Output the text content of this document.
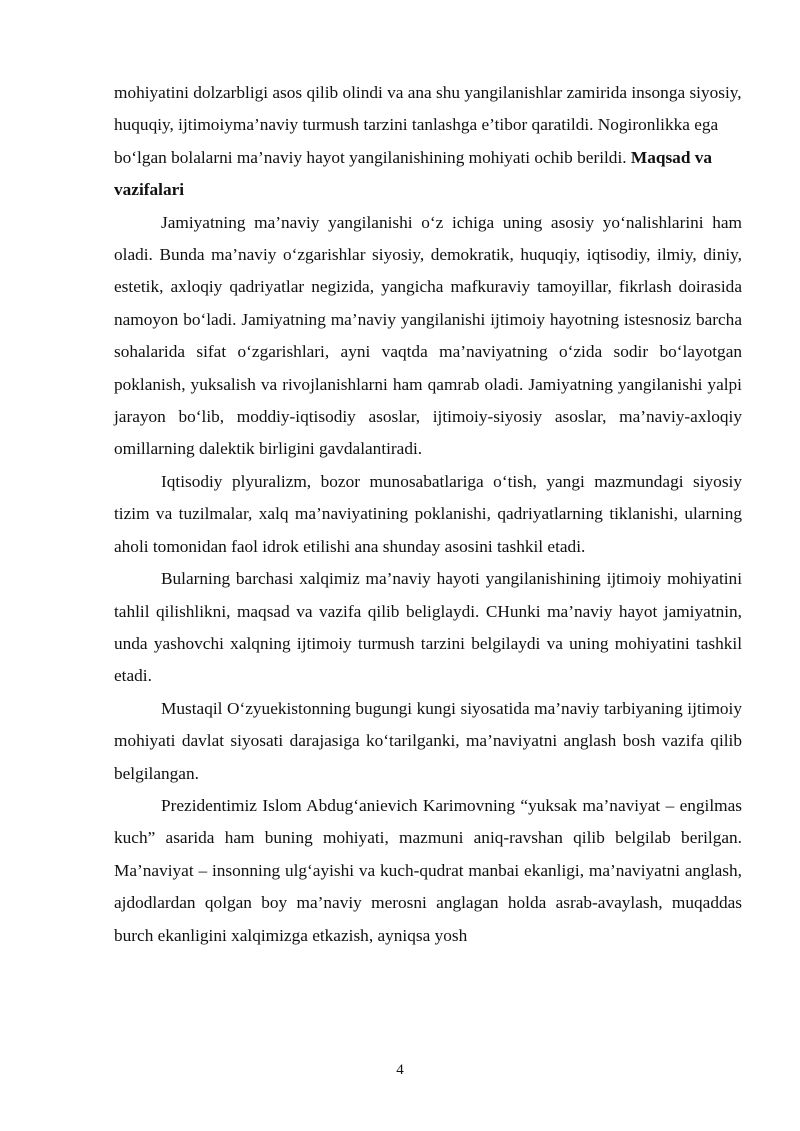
mohiyatini dolzarbligi asos qilib olindi va ana shu yangilanishlar zamirida insonga siyosiy, huquqiy, ijtimoiyma’naviy turmush tarzini tanlashga e’tibor qaratildi. Nogironlikka ega bo‘lgan bolalarni ma’naviy hayot yangilanishining mohiyati ochib berildi. Maqsad va vazifalari

Jamiyatning ma’naviy yangilanishi o‘z ichiga uning asosiy yo‘nalishlarini ham oladi. Bunda ma’naviy o‘zgarishlar siyosiy, demokratik, huquqiy, iqtisodiy, ilmiy, diniy, estetik, axloqiy qadriyatlar negizida, yangicha mafkuraviy tamoyillar, fikrlash doirasida namoyon bo‘ladi. Jamiyatning ma’naviy yangilanishi ijtimoiy hayotning istesnosiz barcha sohalarida sifat o‘zgarishlari, ayni vaqtda ma’naviyatning o‘zida sodir bo‘layotgan poklanish, yuksalish va rivojlanishlarni ham qamrab oladi. Jamiyatning yangilanishi yalpi jarayon bo‘lib, moddiy-iqtisodiy asoslar, ijtimoiy-siyosiy asoslar, ma’naviy-axloqiy omillarning dalektik birligini gavdalantiradi.

Iqtisodiy plyuralizm, bozor munosabatlariga o‘tish, yangi mazmundagi siyosiy tizim va tuzilmalar, xalq ma’naviyatining poklanishi, qadriyatlarning tiklanishi, ularning aholi tomonidan faol idrok etilishi ana shunday asosini tashkil etadi.

Bularning barchasi xalqimiz ma’naviy hayoti yangilanishining ijtimoiy mohiyatini tahlil qilishlikni, maqsad va vazifa qilib beliglaydi. CHunki ma’naviy hayot jamiyatnin, unda yashovchi xalqning ijtimoiy turmush tarzini belgilaydi va uning mohiyatini tashkil etadi.

Mustaqil O‘zyuekistonning bugungi kungi siyosatida ma’naviy tarbiyaning ijtimoiy mohiyati davlat siyosati darajasiga ko‘tarilganki, ma’naviyatni anglash bosh vazifa qilib belgilangan.

Prezidentimiz Islom Abdug‘anievich Karimovning “yuksak ma’naviyat – engilmas kuch” asarida ham buning mohiyati, mazmuni aniq-ravshan qilib belgilab berilgan. Ma’naviyat – insonning ulg‘ayishi va kuch-qudrat manbai ekanligi, ma’naviyatni anglash, ajdodlardan qolgan boy ma’naviy merosni anglagan holda asrab-avaylash, muqaddas burch ekanligini xalqimizga etkazish, ayniqsa yosh

4
